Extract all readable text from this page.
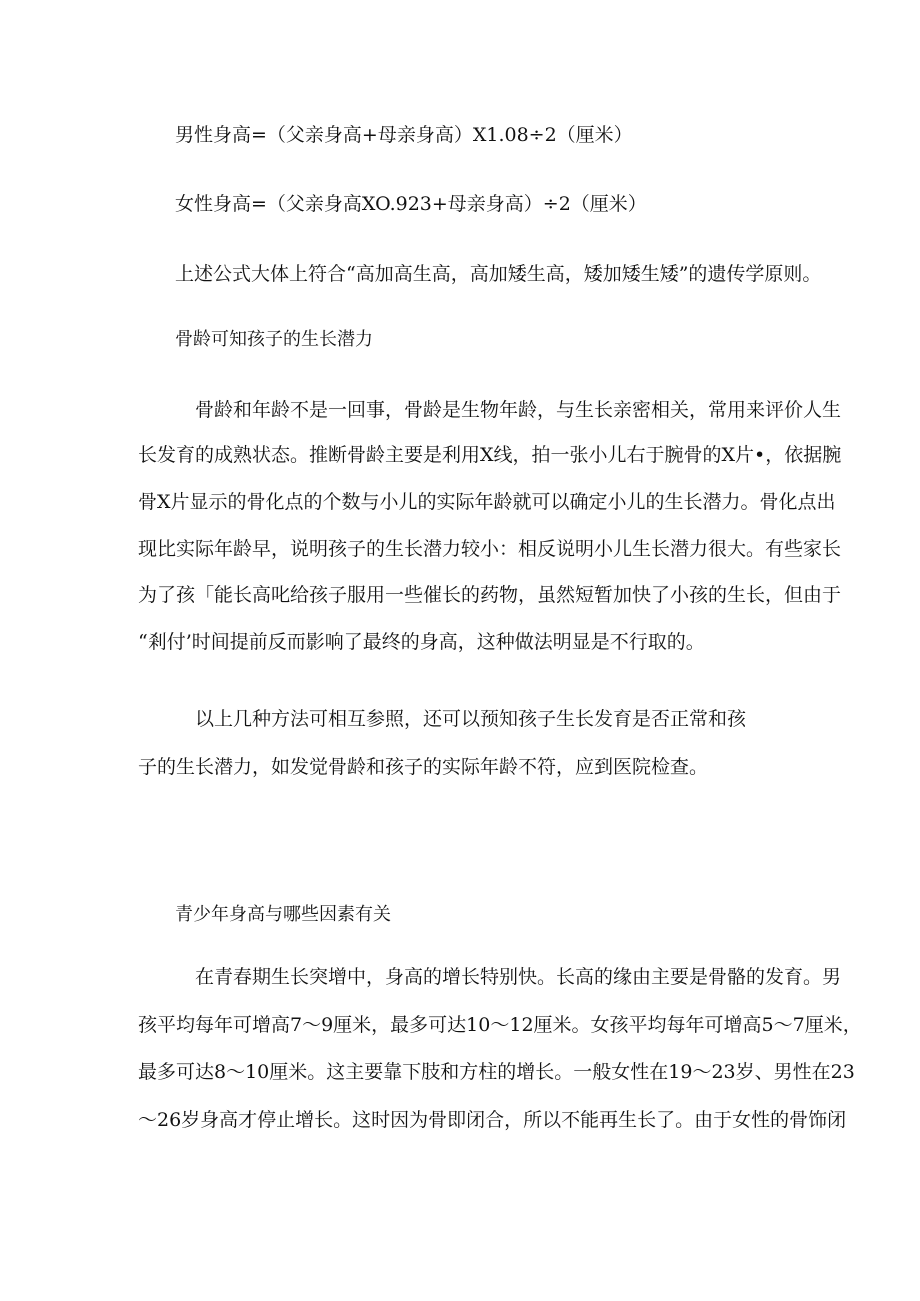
男性身高=（父亲身高+母亲身高）X1.08÷2（厘米）
女性身高=（父亲身高XO.923+母亲身高）÷2（厘米）
上述公式大体上符合“高加高生高，高加矮生高，矮加矮生矮”的遗传学原则。
骨龄可知孩子的生长潜力
骨龄和年龄不是一回事，骨龄是生物年龄，与生长亲密相关，常用来评价人生
长发育的成熟状态。推断骨龄主要是利用X线，拍一张小儿右于腕骨的X片•，依据腕
骨X片显示的骨化点的个数与小儿的实际年龄就可以确定小儿的生长潜力。骨化点出
现比实际年龄早，说明孩子的生长潜力较小：相反说明小儿生长潜力很大。有些家长
为了孩「能长高叱给孩子服用一些催长的药物，虽然短暂加快了小孩的生长，但由于
“剎付’时间提前反而影响了最终的身高，这种做法明显是不行取的。
以上几种方法可相互参照，还可以预知孩子生长发育是否正常和孩
子的生长潜力，如发觉骨龄和孩子的实际年龄不符，应到医院检查。
青少年身高与哪些因素有关
在青春期生长突增中，身高的增长特别快。长高的缘由主要是骨骼的发育。男
孩平均每年可增高7～9厘米，最多可达10～12厘米。女孩平均每年可增高5～7厘米，
最多可达8～10厘米。这主要靠下肢和方柱的增长。一般女性在19～23岁、男性在23
～26岁身高才停止增长。这时因为骨即闭合，所以不能再生长了。由于女性的骨饰闭
